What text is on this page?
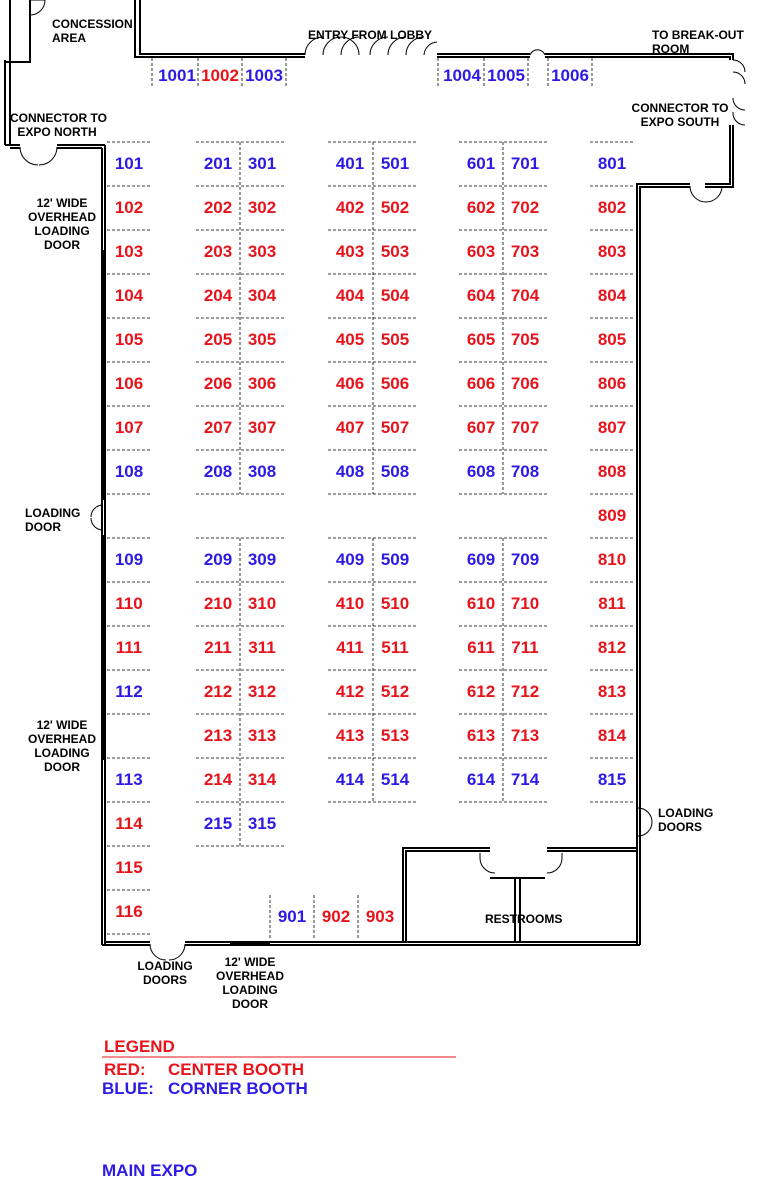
CONCESSION
AREA	ENTRY FROM LOBBY	TO BREAK-OUT
ROOM
CONNECTOR TO
EXPO NORTH
CONNECTOR TO
EXPO SOUTH
12' WIDE
OVERHEAD
LOADING
DOOR
LOADING
DOOR
12' WIDE
OVERHEAD
LOADING
DOOR
LOADING
DOORS
LOADING
DOORS
12' WIDE
OVERHEAD
LOADING
DOOR
RESTROOMS
1001 1002 1003	1004 1005 1006
101
102
103
104
105
106
107
108
109
110
111
112
113
114
115
116
201
202
203
204
205
206
207
208
209
210
211
212
213
214
215
301
302
303
304
305
306
307
308
309
310
311
312
313
314
315
401
402
403
404
405
406
407
408
409
410
411
412
413
414
501
502
503
504
505
506
507
508
509
510
511
512
513
514
601
602
603
604
605
606
607
608
609
610
611
612
613
614
701
702
703
704
705
706
707
708
709
710
711
712
713
714
801
802
803
804
805
806
807
808
809
810
811
812
813
814
815
901 902 903
LEGEND
RED: CENTER BOOTH
BLUE: CORNER BOOTH
MAIN EXPO
